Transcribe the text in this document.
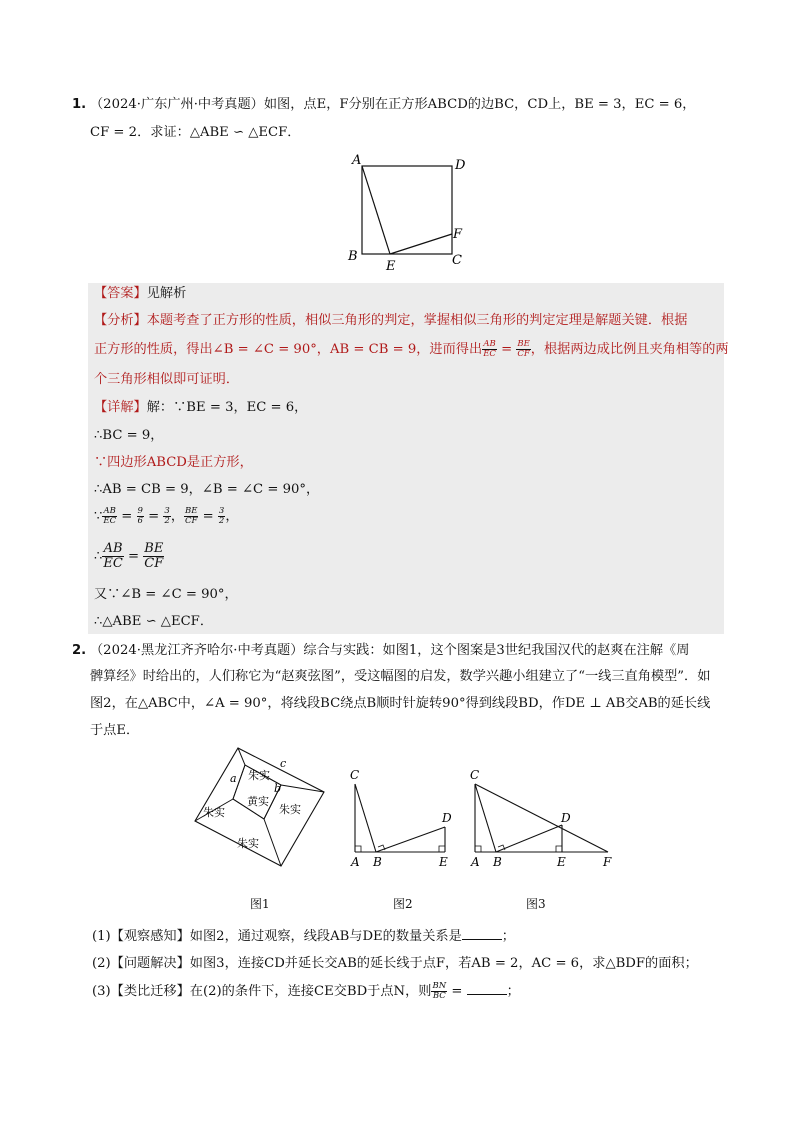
1. （2024·广东广州·中考真题）如图，点E，F分别在正方形ABCD的边BC，CD上，BE = 3，EC = 6，
CF = 2．求证：△ABE ∽ △ECF．
A	D
F
B
E	C
【答案】见解析
【分析】本题考查了正方形的性质，相似三角形的判定，掌握相似三角形的判定定理是解题关键．根据
正方形的性质，得出∠B = ∠C = 90°，AB = CB = 9，进而得出 $\frac{AB}{EC} = \frac{BE}{CF}$ ，根据两边成比例且夹角相等的两
个三角形相似即可证明．
【详解】解：∵BE = 3，EC = 6，
∴BC = 9，
∵四边形ABCD是正方形，
∴AB = CB = 9，∠B = ∠C = 90°，
∵ $\frac{AB}{EC} = \frac{9}{6} = \frac{3}{2}$ ， $\frac{BE}{CF} = \frac{3}{2}$ ，
∴ $\frac{AB}{EC} = \frac{BE}{CF}$
又∵∠B = ∠C = 90°，
∴△ABE ∽ △ECF．
2. （2024·黑龙江齐齐哈尔·中考真题）综合与实践：如图1，这个图案是3世纪我国汉代的赵爽在注解《周
髀算经》时给出的，人们称它为“赵爽弦图”，受这幅图的启发，数学兴趣小组建立了“一线三直角模型”．如
图2，在△ABC中，∠A = 90°，将线段BC绕点B顺时针旋转90°得到线段BD，作DE ⊥ AB交AB的延长线
于点E．
a
b
c
朱实
朱实
黄实
朱实
朱实
C
D
A B	E
C
D
A B	E	F
图1	图2	图3
(1)【观察感知】如图2，通过观察，线段AB与DE的数量关系是	；
(2)【问题解决】如图3，连接CD并延长交AB的延长线于点F，若AB = 2，AC = 6，求△BDF的面积；
(3)【类比迁移】在(2)的条件下，连接CE交BD于点N，则 $\frac{BN}{BC}$ =	；
